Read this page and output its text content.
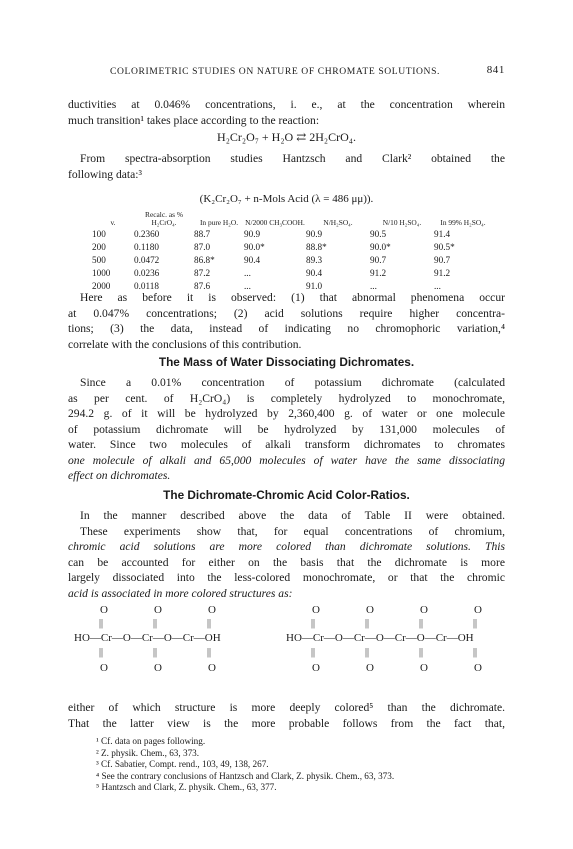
COLORIMETRIC STUDIES ON NATURE OF CHROMATE SOLUTIONS.	841
ductivities at 0.046% concentrations, i. e., at the concentration wherein
much transition¹ takes place according to the reaction:
H₂Cr₂O₇ + H₂O ⇄ 2H₂CrO₄.
From spectra-absorption studies Hantzsch and Clark² obtained the
following data:³
(K₂Cr₂O₇ + n-Mols Acid (λ = 486 μμ)).
v.	Recalc. as % H₂CrO₄.	In pure H₂O.	N/2000 CH₃COOH.	N/H₂SO₄.	N/10 H₂SO₄.	In 99% H₂SO₄.
100	0.2360	88.7	90.9	90.9	90.5	91.4
200	0.1180	87.0	90.0*	88.8*	90.0*	90.5*
500	0.0472	86.8*	90.4	89.3	90.7	90.7
1000	0.0236	87.2	...	90.4	91.2	91.2
2000	0.0118	87.6	...	91.0	...	...
Here as before it is observed: (1) that abnormal phenomena occur
at 0.047% concentrations; (2) acid solutions require higher concentra-
tions; (3) the data, instead of indicating no chromophoric variation,⁴
correlate with the conclusions of this contribution.
The Mass of Water Dissociating Dichromates.
Since a 0.01% concentration of potassium dichromate (calculated
as per cent. of H₂CrO₄) is completely hydrolyzed to monochromate,
294.2 g. of it will be hydrolyzed by 2,360,400 g. of water or one molecule
of potassium dichromate will be hydrolyzed by 131,000 molecules of
water. Since two molecules of alkali transform dichromates to chromates
one molecule of alkali and 65,000 molecules of water have the same dissociating
effect on dichromates.
The Dichromate-Chromic Acid Color-Ratios.
In the manner described above the data of Table II were obtained.
These experiments show that, for equal concentrations of chromium,
chromic acid solutions are more colored than dichromate solutions. This
can be accounted for either on the basis that the dichromate is more
largely dissociated into the less-colored monochromate, or that the chromic
acid is associated in more colored structures as:
O	O	O
||	||	||
HO—Cr—O—Cr—O—Cr—OH
||	||	||
O	O	O
O	O	O	O
||	||	||	||
HO—Cr—O—Cr—O—Cr—O—Cr—OH
||	||	||	||
O	O	O	O
either of which structure is more deeply colored⁵ than the dichromate.
That the latter view is the more probable follows from the fact that,
¹ Cf. data on pages following.
² Z. physik. Chem., 63, 373.
³ Cf. Sabatier, Compt. rend., 103, 49, 138, 267.
⁴ See the contrary conclusions of Hantzsch and Clark, Z. physik. Chem., 63, 373.
⁵ Hantzsch and Clark, Z. physik. Chem., 63, 377.
